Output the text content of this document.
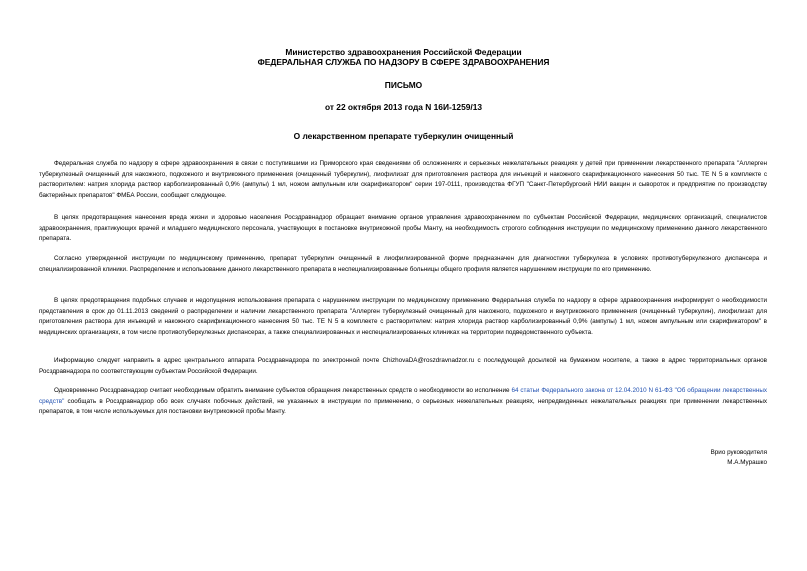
Министерство здравоохранения Российской Федерации
ФЕДЕРАЛЬНАЯ СЛУЖБА ПО НАДЗОРУ В СФЕРЕ ЗДРАВООХРАНЕНИЯ
ПИСЬМО
от 22 октября 2013 года N 16И-1259/13
О лекарственном препарате туберкулин очищенный

Федеральная служба по надзору в сфере здравоохранения в связи с поступившими из Приморского края сведениями об осложнениях и серьезных нежелательных реакциях у детей при применении лекарственного препарата "Аллерген туберкулезный очищенный для накожного, подкожного и внутрикожного применения (очищенный туберкулин), лиофилизат для приготовления раствора для инъекций и накожного скарификационного нанесения 50 тыс. ТЕ N 5 в комплекте с растворителем: натрия хлорида раствор карболизированный 0,9% (ампулы) 1 мл, ножом ампульным или скарификатором" серии 197-0111, производства ФГУП "Санкт-Петербургский НИИ вакцин и сывороток и предприятие по производству бактерийных препаратов" ФМБА России, сообщает следующее.

В целях предотвращения нанесения вреда жизни и здоровью населения Росздравнадзор обращает внимание органов управления здравоохранением по субъектам Российской Федерации, медицинских организаций, специалистов здравоохранения, практикующих врачей и младшего медицинского персонала, участвующих в постановке внутрикожной пробы Манту, на необходимость строгого соблюдения инструкции по медицинскому применению данного лекарственного препарата.

Согласно утвержденной инструкции по медицинскому применению, препарат туберкулин очищенный в лиофилизированной форме предназначен для диагностики туберкулеза в условиях противотуберкулезного диспансера и специализированной клиники. Распределение и использование данного лекарственного препарата в неспециализированные больницы общего профиля является нарушением инструкции по его применению.

В целях предотвращения подобных случаев и недопущения использования препарата с нарушением инструкции по медицинскому применению Федеральная служба по надзору в сфере здравоохранения информирует о необходимости представления в срок до 01.11.2013 сведений о распределении и наличии лекарственного препарата "Аллерген туберкулезный очищенный для накожного, подкожного и внутрикожного применения (очищенный туберкулин), лиофилизат для приготовления раствора для инъекций и накожного скарификационного нанесения 50 тыс. ТЕ N 5 в комплекте с растворителем: натрия хлорида раствор карболизированный 0,9% (ампулы) 1 мл, ножом ампульным или скарификатором" в медицинских организациях, в том числе противотуберкулезных диспансерах, а также специализированных и неспециализированных клиниках на территории подведомственного субъекта.

Информацию следует направить в адрес центрального аппарата Росздравнадзора по электронной почте ChizhovaDA@roszdravnadzor.ru с последующей досылкой на бумажном носителе, а также в адрес территориальных органов Росздравнадзора по соответствующим субъектам Российской Федерации.

Одновременно Росздравнадзор считает необходимым обратить внимание субъектов обращения лекарственных средств о необходимости во исполнение 64 статьи Федерального закона от 12.04.2010 N 61-ФЗ "Об обращении лекарственных средств" сообщать в Росздравнадзор обо всех случаях побочных действий, не указанных в инструкции по применению, о серьезных нежелательных реакциях, непредвиденных нежелательных реакциях при применении лекарственных препаратов, в том числе используемых для постановки внутрикожной пробы Манту.

Врио руководителя
М.А.Мурашко
